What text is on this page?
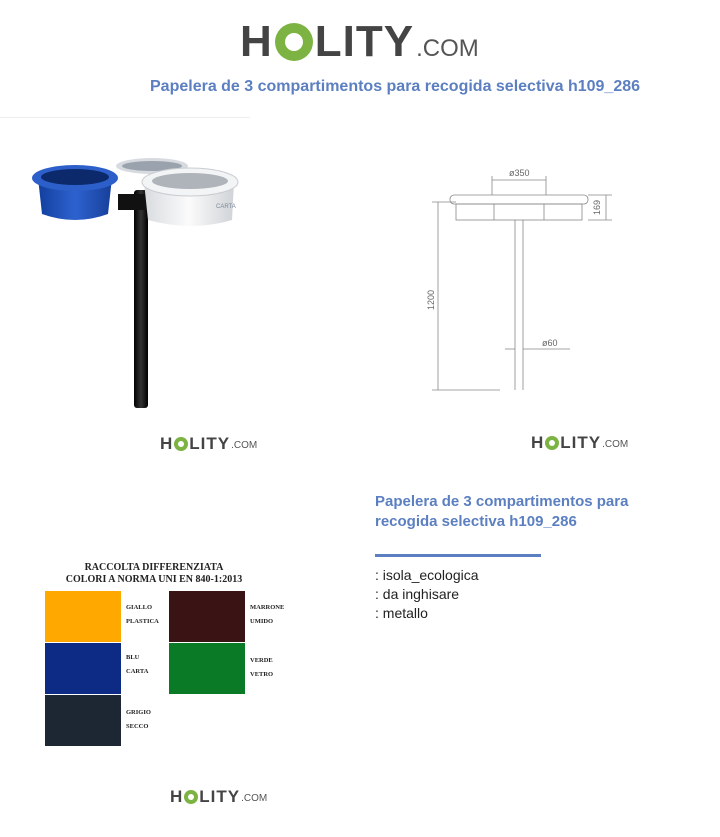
H LITY .COM
Papelera de 3 compartimentos para recogida selectiva h109_286
CARTA
H LITY .COM
ø350
169
1200
ø60
H LITY .COM
Papelera de 3 compartimentos para recogida selectiva h109_286
: isola_ecologica
: da inghisare
: metallo
RACCOLTA DIFFERENZIATA
COLORI A NORMA UNI EN 840-1:2013
GIALLO
PLASTICA
MARRONE
UMIDO
BLU
CARTA
VERDE
VETRO
GRIGIO
SECCO
H LITY .COM
